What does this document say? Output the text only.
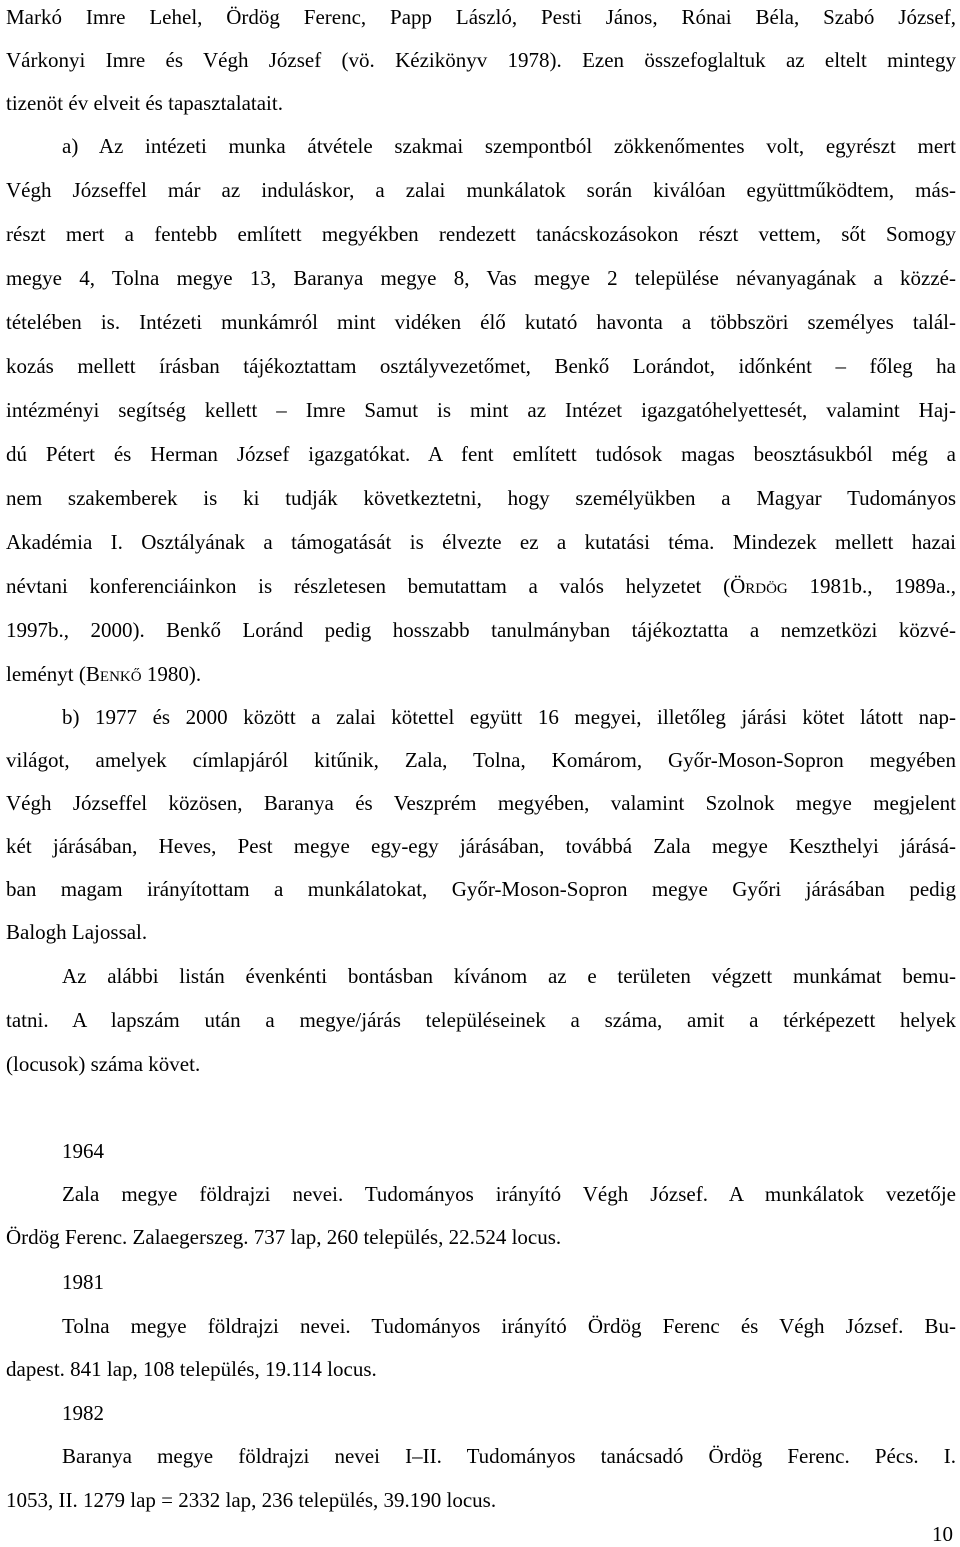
Markó Imre Lehel, Ördög Ferenc, Papp László, Pesti János, Rónai Béla, Szabó József,
Várkonyi Imre és Végh József (vö. Kézikönyv 1978). Ezen összefoglaltuk az eltelt mintegy
tizenöt év elveit és tapasztalatait.
a) Az intézeti munka átvétele szakmai szempontból zökkenőmentes volt, egyrészt mert
Végh Józseffel már az induláskor, a zalai munkálatok során kiválóan együttműködtem, más-
részt mert a fentebb említett megyékben rendezett tanácskozásokon részt vettem, sőt Somogy
megye 4, Tolna megye 13, Baranya megye 8, Vas megye 2 települése névanyagának a közzé-
tételében is. Intézeti munkámról mint vidéken élő kutató havonta a többszöri személyes talál-
kozás mellett írásban tájékoztattam osztályvezetőmet, Benkő Lorándot, időnként – főleg ha
intézményi segítség kellett – Imre Samut is mint az Intézet igazgatóhelyettesét, valamint Haj-
dú Pétert és Herman József igazgatókat. A fent említett tudósok magas beosztásukból még a
nem szakemberek is ki tudják következtetni, hogy személyükben a Magyar Tudományos
Akadémia I. Osztályának a támogatását is élvezte ez a kutatási téma. Mindezek mellett hazai
névtani konferenciáinkon is részletesen bemutattam a valós helyzetet (Ördög 1981b., 1989a.,
1997b., 2000). Benkő Loránd pedig hosszabb tanulmányban tájékoztatta a nemzetközi közvé-
leményt (Benkő 1980).
b) 1977 és 2000 között a zalai kötettel együtt 16 megyei, illetőleg járási kötet látott nap-
világot, amelyek címlapjáról kitűnik, Zala, Tolna, Komárom, Győr-Moson-Sopron megyében
Végh Józseffel közösen, Baranya és Veszprém megyében, valamint Szolnok megye megjelent
két járásában, Heves, Pest megye egy-egy járásában, továbbá Zala megye Keszthelyi járásá-
ban magam irányítottam a munkálatokat, Győr-Moson-Sopron megye Győri járásában pedig
Balogh Lajossal.
Az alábbi listán évenkénti bontásban kívánom az e területen végzett munkámat bemu-
tatni. A lapszám után a megye/járás településeinek a száma, amit a térképezett helyek
(locusok) száma követ.
1964
Zala megye földrajzi nevei. Tudományos irányító Végh József. A munkálatok vezetője
Ördög Ferenc. Zalaegerszeg. 737 lap, 260 település, 22.524 locus.
1981
Tolna megye földrajzi nevei. Tudományos irányító Ördög Ferenc és Végh József. Bu-
dapest. 841 lap, 108 település, 19.114 locus.
1982
Baranya megye földrajzi nevei I–II. Tudományos tanácsadó Ördög Ferenc. Pécs. I.
1053, II. 1279 lap = 2332 lap, 236 település, 39.190 locus.
10
